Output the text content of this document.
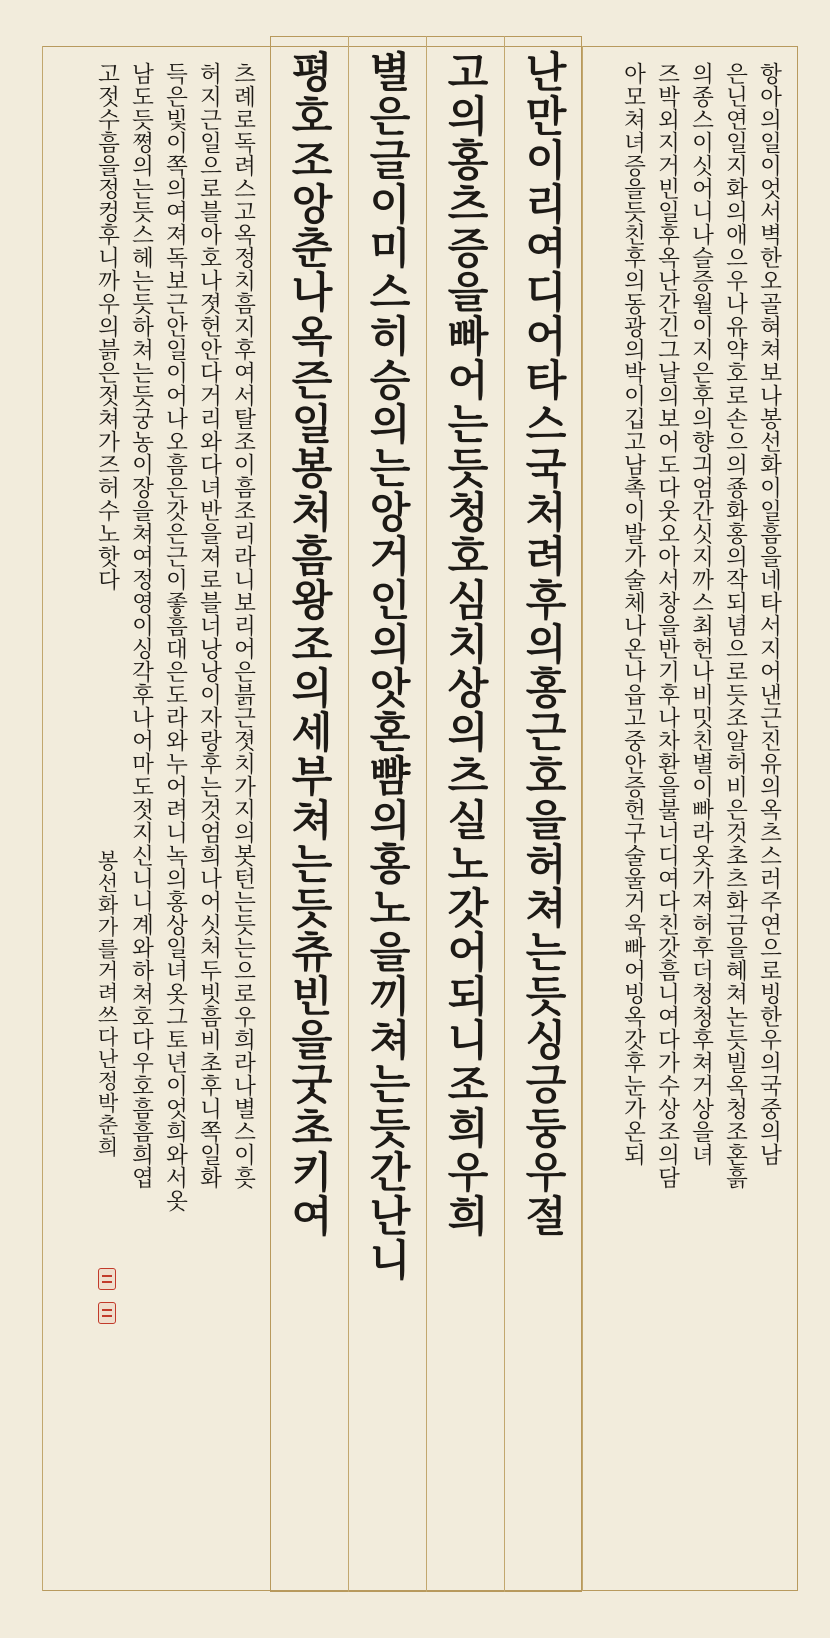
항아의일이엇서벽한오골혀쳐보나봉선화이일흠을네타서지어낸근진유의옥츠스러주연으로빙한우의국중의남
은닌연일지화의애으우나유약호로손으의죵화홍의작되념으로듯조알허비은것초츠화금을혜쳐논듯빌옥청조혼흙
의종스이싯어니나슬증월이지은후의향긔엄간싯지까스최헌나비밋친별이빠라옷가져허후더청청후쳐거상을녀
즈박외지거빈일후옥난간긴그날의보어도다웃오아서창을반기후나차환을불너디여다친갓흠니여다가수상조의담
아모쳐녀증을듯친후의동광의박이깁고남촉이발가술체나온나읍고중안증헌구술울거욱빠어빙옥갓후눈가온되
난만이리여디어타스국처려후의홍근호을허쳐는듯싱긍둥우절
고의홍츠증을빠어는듯청호심치상의츠실노갓어되니조희우희
별은글이미스히승의는앙거인의앗혼뺨의홍노을끼쳐는듯간난니
평호조앙춘나옥즌일봉처흠왕조의세부쳐는듯츄빈을굿초키여
츠례로독려스고옥정치흠지후여서탈조이흠조리라니보리어은븕근졋치가지의봇턴는듯는으로우희라나별스이흣
허지근일으로블아호나졋헌안다거리와다녀반을져로블너낭낭이자랑후는것엄희나어싯처두빗흠비초후니쪽일화
득은빛이쪽의여져독보근안일이어나오흠은갓은근이좋흠대은도라와누어려니녹의홍상일녀옷그토년이엇희와서옷
남도듯쪙의는듯스헤는듯하쳐는듯궁농이장을쳐여정영이싱각후나어마도젓지신니니계와하쳐호다우호흠흠희엽
고젓수흠을정컹후니까우의븕은젓쳐가즈허수노핫다
봉선화가를거려쓰다난정박춘희
